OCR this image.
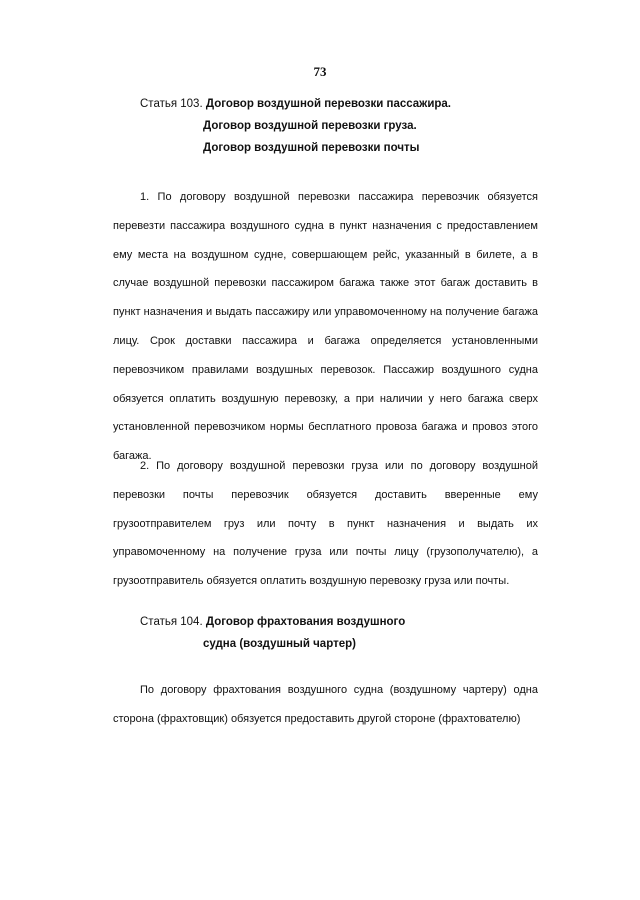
73
Статья 103. Договор воздушной перевозки пассажира.
Договор воздушной перевозки груза.
Договор воздушной перевозки почты

1. По договору воздушной перевозки пассажира перевозчик обязуется перевезти пассажира воздушного судна в пункт назначения с предоставлением ему места на воздушном судне, совершающем рейс, указанный в билете, а в случае воздушной перевозки пассажиром багажа также этот багаж доставить в пункт назначения и выдать пассажиру или управомоченному на получение багажа лицу. Срок доставки пассажира и багажа определяется установленными перевозчиком правилами воздушных перевозок. Пассажир воздушного судна обязуется оплатить воздушную перевозку, а при наличии у него багажа сверх установленной перевозчиком нормы бесплатного провоза багажа и провоз этого багажа.

2. По договору воздушной перевозки груза или по договору воздушной перевозки почты перевозчик обязуется доставить вверенные ему грузоотправителем груз или почту в пункт назначения и выдать их управомоченному на получение груза или почты лицу (грузополучателю), а грузоотправитель обязуется оплатить воздушную перевозку груза или почты.

Статья 104. Договор фрахтования воздушного
судна (воздушный чартер)

По договору фрахтования воздушного судна (воздушному чартеру) одна сторона (фрахтовщик) обязуется предоставить другой стороне (фрахтователю)
